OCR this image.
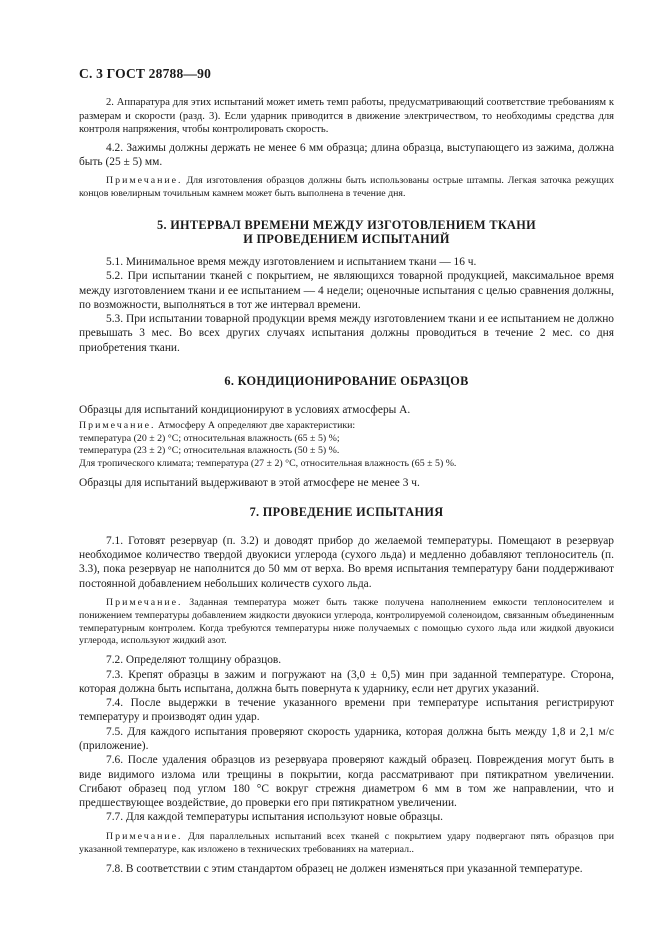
С. 3 ГОСТ 28788—90

2. Аппаратура для этих испытаний может иметь темп работы, предусматривающий соответствие требованиям к размерам и скорости (разд. 3). Если ударник приводится в движение электричеством, то необходимы средства для контроля напряжения, чтобы контролировать скорость.

4.2. Зажимы должны держать не менее 6 мм образца; длина образца, выступающего из зажима, должна быть (25 ± 5) мм.

Примечание. Для изготовления образцов должны быть использованы острые штампы. Легкая заточка режущих концов ювелирным точильным камнем может быть выполнена в течение дня.

5. ИНТЕРВАЛ ВРЕМЕНИ МЕЖДУ ИЗГОТОВЛЕНИЕМ ТКАНИ

И ПРОВЕДЕНИЕМ ИСПЫТАНИЙ

5.1. Минимальное время между изготовлением и испытанием ткани — 16 ч.

5.2. При испытании тканей с покрытием, не являющихся товарной продукцией, максимальное время между изготовлением ткани и ее испытанием — 4 недели; оценочные испытания с целью сравнения должны, по возможности, выполняться в тот же интервал времени.

5.3. При испытании товарной продукции время между изготовлением ткани и ее испытанием не должно превышать 3 мес. Во всех других случаях испытания должны проводиться в течение 2 мес. со дня приобретения ткани.

6. КОНДИЦИОНИРОВАНИЕ ОБРАЗЦОВ

Образцы для испытаний кондиционируют в условиях атмосферы А.

Примечание. Атмосферу А определяют две характеристики:

температура (20 ± 2) °С; относительная влажность (65 ± 5) %;

температура (23 ± 2) °С; относительная влажность (50 ± 5) %.

Для тропического климата; температура (27 ± 2) °С, относительная влажность (65 ± 5) %.

Образцы для испытаний выдерживают в этой атмосфере не менее 3 ч.

7. ПРОВЕДЕНИЕ ИСПЫТАНИЯ

7.1. Готовят резервуар (п. 3.2) и доводят прибор до желаемой температуры. Помещают в резервуар необходимое количество твердой двуокиси углерода (сухого льда) и медленно добавляют теплоноситель (п. 3.3), пока резервуар не наполнится до 50 мм от верха. Во время испытания температуру бани поддерживают постоянной добавлением небольших количеств сухого льда.

Примечание. Заданная температура может быть также получена наполнением емкости теплоносителем и понижением температуры добавлением жидкости двуокиси углерода, контролируемой соленоидом, связанным объединенным температурным контролем. Когда требуются температуры ниже получаемых с помощью сухого льда или жидкой двуокиси углерода, используют жидкий азот.

7.2. Определяют толщину образцов.

7.3. Крепят образцы в зажим и погружают на (3,0 ± 0,5) мин при заданной температуре. Сторона, которая должна быть испытана, должна быть повернута к ударнику, если нет других указаний.

7.4. После выдержки в течение указанного времени при температуре испытания регистрируют температуру и производят один удар.

7.5. Для каждого испытания проверяют скорость ударника, которая должна быть между 1,8 и 2,1 м/с (приложение).

7.6. После удаления образцов из резервуара проверяют каждый образец. Повреждения могут быть в виде видимого излома или трещины в покрытии, когда рассматривают при пятикратном увеличении. Сгибают образец под углом 180 °С вокруг стрежня диаметром 6 мм в том же направлении, что и предшествующее воздействие, до проверки его при пятикратном увеличении.

7.7. Для каждой температуры испытания используют новые образцы.

Примечание. Для параллельных испытаний всех тканей с покрытием удару подвергают пять образцов при указанной температуре, как изложено в технических требованиях на материал..

7.8. В соответствии с этим стандартом образец не должен изменяться при указанной температуре.
